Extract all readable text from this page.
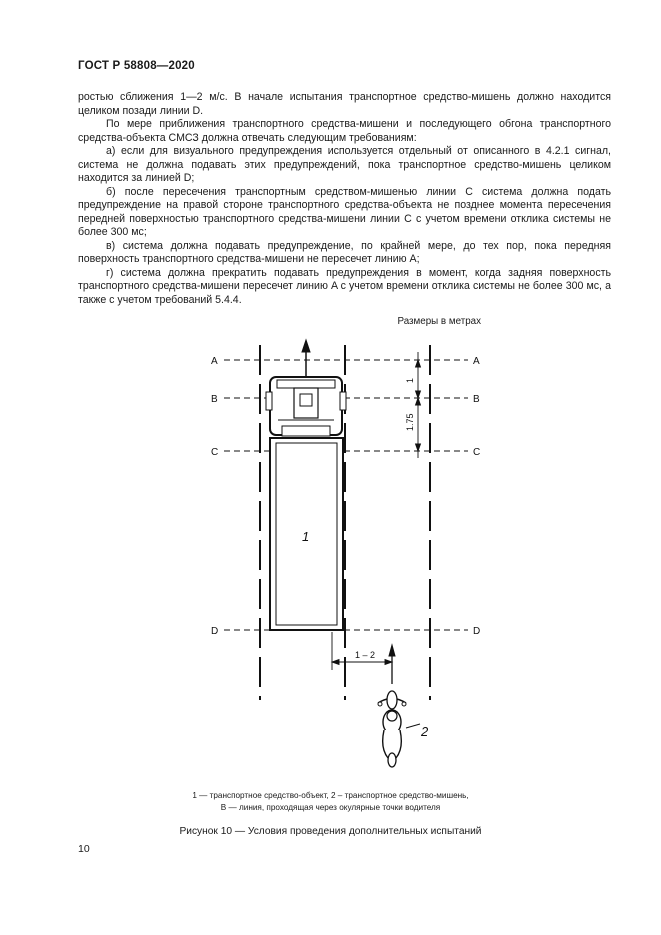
ГОСТ Р 58808—2020

ростью сближения 1—2 м/с. В начале испытания транспортное средство-мишень должно находится целиком позади линии D.

По мере приближения транспортного средства-мишени и последующего обгона транспортного средства-объекта СМСЗ должна отвечать следующим требованиям:

а) если для визуального предупреждения используется отдельный от описанного в 4.2.1 сигнал, система не должна подавать этих предупреждений, пока транспортное средство-мишень целиком находится за линией D;

б) после пересечения транспортным средством-мишенью линии C система должна подать предупреждение на правой стороне транспортного средства-объекта не позднее момента пересечения передней поверхностью транспортного средства-мишени линии C с учетом времени отклика системы не более 300 мс;

в) система должна подавать предупреждение, по крайней мере, до тех пор, пока передняя поверхность транспортного средства-мишени не пересечет линию A;

г) система должна прекратить подавать предупреждения в момент, когда задняя поверхность транспортного средства-мишени пересечет линию A с учетом времени отклика системы не более 300 мс, а также с учетом требований 5.4.4.

Размеры в метрах
A	A
B	B
C	C
D	D
1
1
1.75
1 – 2
2
1 — транспортное средство-объект, 2 – транспортное средство-мишень,
B — линия, проходящая через окулярные точки водителя
Рисунок 10 — Условия проведения дополнительных испытаний
10
